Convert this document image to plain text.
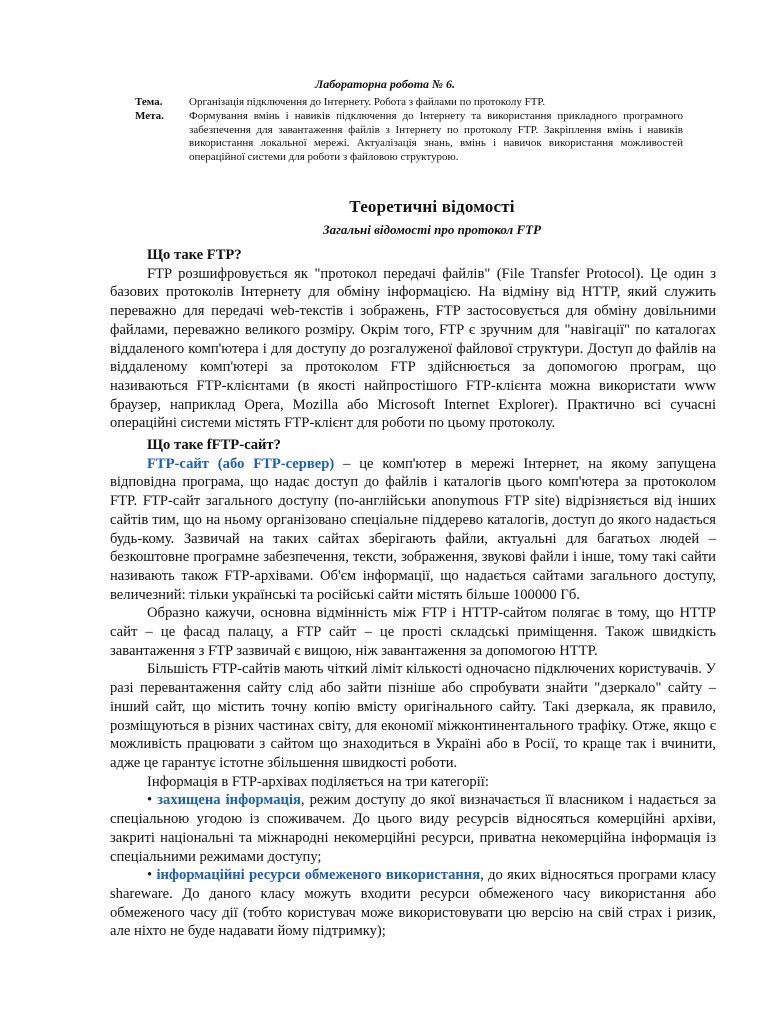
Лабораторна робота № 6.
Тема. Організація підключення до Інтернету. Робота з файлами по протоколу FTP.
Мета. Формування вмінь і навиків підключення до Інтернету та використання прикладного програмного забезпечення для завантаження файлів з Інтернету по протоколу FTP. Закріплення вмінь і навиків використання локальної мережі. Актуалізація знань, вмінь і навичок використання можливостей операційної системи для роботи з файловою структурою.
Теоретичні відомості
Загальні відомості про протокол FTP

Що таке FTP?

FTP розшифровується як "протокол передачі файлів" (File Transfer Protocol). Це один з базових протоколів Інтернету для обміну інформацією. На відміну від HTTP, який служить переважно для передачі web-текстів і зображень, FTP застосовується для обміну довільними файлами, переважно великого розміру. Окрім того, FTP є зручним для "навігації" по каталогах віддаленого комп'ютера і для доступу до розгалуженої файлової структури. Доступ до файлів на віддаленому комп'ютері за протоколом FTP здійснюється за допомогою програм, що називаються FTP-клієнтами (в якості найпростішого FTP-клієнта можна використати www браузер, наприклад Opera, Mozilla або Microsoft Internet Explorer). Практично всі сучасні операційні системи містять FTP-клієнт для роботи по цьому протоколу.

Що таке fFTP-сайт?

FTP-сайт (або FTP-сервер) – це комп'ютер в мережі Інтернет, на якому запущена відповідна програма, що надає доступ до файлів і каталогів цього комп'ютера за протоколом FTP. FTP-сайт загального доступу (по-англійськи anonymous FTP site) відрізняється від інших сайтів тим, що на ньому організовано спеціальне піддерево каталогів, доступ до якого надається будь-кому. Зазвичай на таких сайтах зберігають файли, актуальні для багатьох людей – безкоштовне програмне забезпечення, тексти, зображення, звукові файли і інше, тому такі сайти називають також FTP-архівами. Об'єм інформації, що надається сайтами загального доступу, величезний: тільки українські та російські сайти містять більше 100000 Гб.

Образно кажучи, основна відмінність між FTP і HTTP-сайтом полягає в тому, що HTTP сайт – це фасад палацу, а FTP сайт – це прості складські приміщення. Також швидкість завантаження з FTP зазвичай є вищою, ніж завантаження за допомогою HTTP.

Більшість FTP-сайтів мають чіткий ліміт кількості одночасно підключених користувачів. У разі перевантаження сайту слід або зайти пізніше або спробувати знайти "дзеркало" сайту – інший сайт, що містить точну копію вмісту оригінального сайту. Такі дзеркала, як правило, розміщуються в різних частинах світу, для економії міжконтинентального трафіку. Отже, якщо є можливість працювати з сайтом що знаходиться в Україні або в Росії, то краще так і вчинити, адже це гарантує істотне збільшення швидкості роботи.

Інформація в FTP-архівах поділяється на три категорії:

• захищена інформація, режим доступу до якої визначається її власником і надається за спеціальною угодою із споживачем. До цього виду ресурсів відносяться комерційні архіви, закриті національні та міжнародні некомерційні ресурси, приватна некомерційна інформація із спеціальними режимами доступу;

• інформаційні ресурси обмеженого використання, до яких відносяться програми класу shareware. До даного класу можуть входити ресурси обмеженого часу використання або обмеженого часу дії (тобто користувач може використовувати цю версію на свій страх і ризик, але ніхто не буде надавати йому підтримку);
